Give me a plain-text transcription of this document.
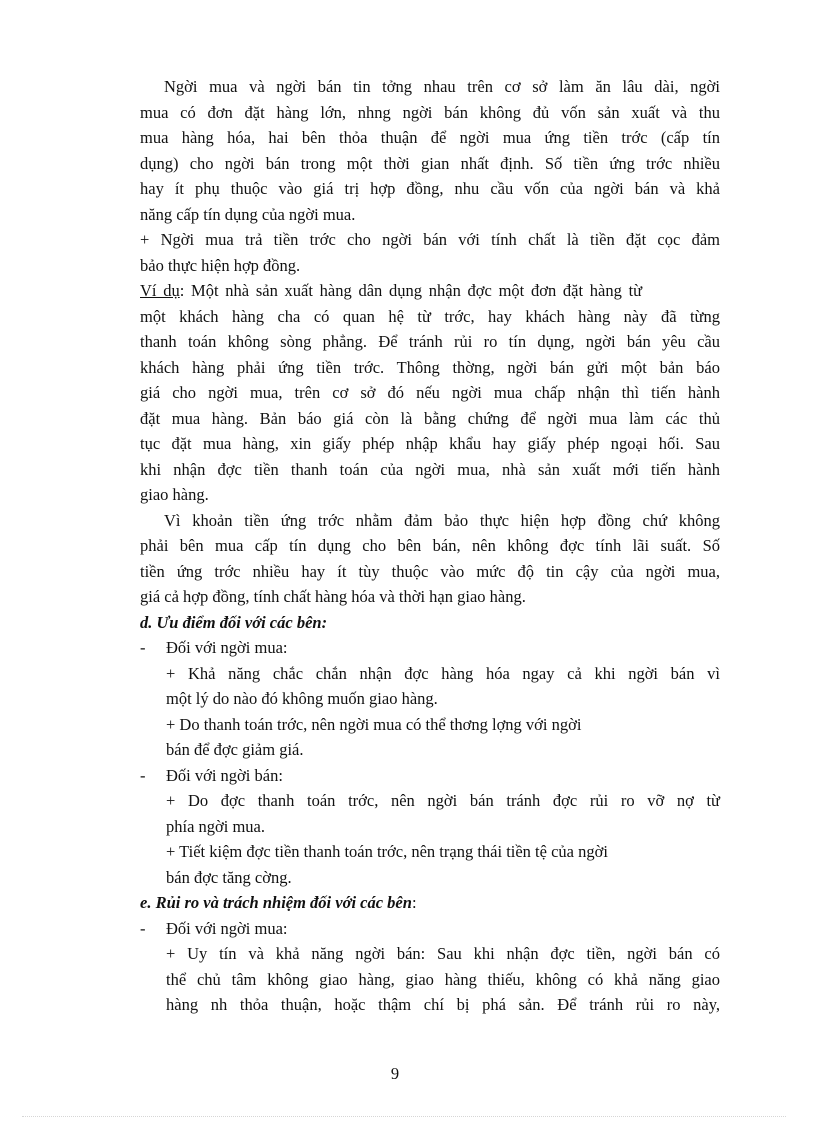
Ngời mua và ngời bán tin tởng nhau trên cơ sở làm ăn lâu dài, ngời
mua có đơn đặt hàng lớn, nhng ngời bán không đủ vốn sản xuất và thu
mua hàng hóa, hai bên thỏa thuận để ngời mua ứng tiền trớc (cấp tín
dụng) cho ngời bán trong một thời gian nhất định. Số tiền ứng trớc nhiều
hay ít phụ thuộc vào giá trị hợp đồng, nhu cầu vốn của ngời bán và khả
năng cấp tín dụng của ngời mua.
+ Ngời mua trả tiền trớc cho ngời bán với tính chất là tiền đặt cọc đảm
bảo thực hiện hợp đồng.
Ví dụ: Một nhà sản xuất hàng dân dụng nhận đợc một đơn đặt hàng từ
một khách hàng cha có quan hệ từ trớc, hay khách hàng này đã từng
thanh toán không sòng phẳng. Để tránh rủi ro tín dụng, ngời bán yêu cầu
khách hàng phải ứng tiền trớc. Thông thờng, ngời bán gửi một bản báo
giá cho ngời mua, trên cơ sở đó nếu ngời mua chấp nhận thì tiến hành
đặt mua hàng. Bản báo giá còn là bằng chứng để ngời mua làm các thủ
tục đặt mua hàng, xin giấy phép nhập khẩu hay giấy phép ngoại hối. Sau
khi nhận đợc tiền thanh toán của ngời mua, nhà sản xuất mới tiến hành
giao hàng.
Vì khoản tiền ứng trớc nhằm đảm bảo thực hiện hợp đồng chứ không
phải bên mua cấp tín dụng cho bên bán, nên không đợc tính lãi suất. Số
tiền ứng trớc nhiều hay ít tùy thuộc vào mức độ tin cậy của ngời mua,
giá cả hợp đồng, tính chất hàng hóa và thời hạn giao hàng.
d. Ưu điểm đối với các bên:
- Đối với ngời mua:
+ Khả năng chắc chắn nhận đợc hàng hóa ngay cả khi ngời bán vì
một lý do nào đó không muốn giao hàng.
+ Do thanh toán trớc, nên ngời mua có thể thơng lợng với ngời
bán để đợc giảm giá.
- Đối với ngời bán:
+ Do đợc thanh toán trớc, nên ngời bán tránh đợc rủi ro vỡ nợ từ
phía ngời mua.
+ Tiết kiệm đợc tiền thanh toán trớc, nên trạng thái tiền tệ của ngời
bán đợc tăng cờng.
e. Rủi ro và trách nhiệm đối với các bên:
- Đối với ngời mua:
+ Uy tín và khả năng ngời bán: Sau khi nhận đợc tiền, ngời bán có
thể chủ tâm không giao hàng, giao hàng thiếu, không có khả năng giao
hàng nh thỏa thuận, hoặc thậm chí bị phá sản. Để tránh rủi ro này,
9
